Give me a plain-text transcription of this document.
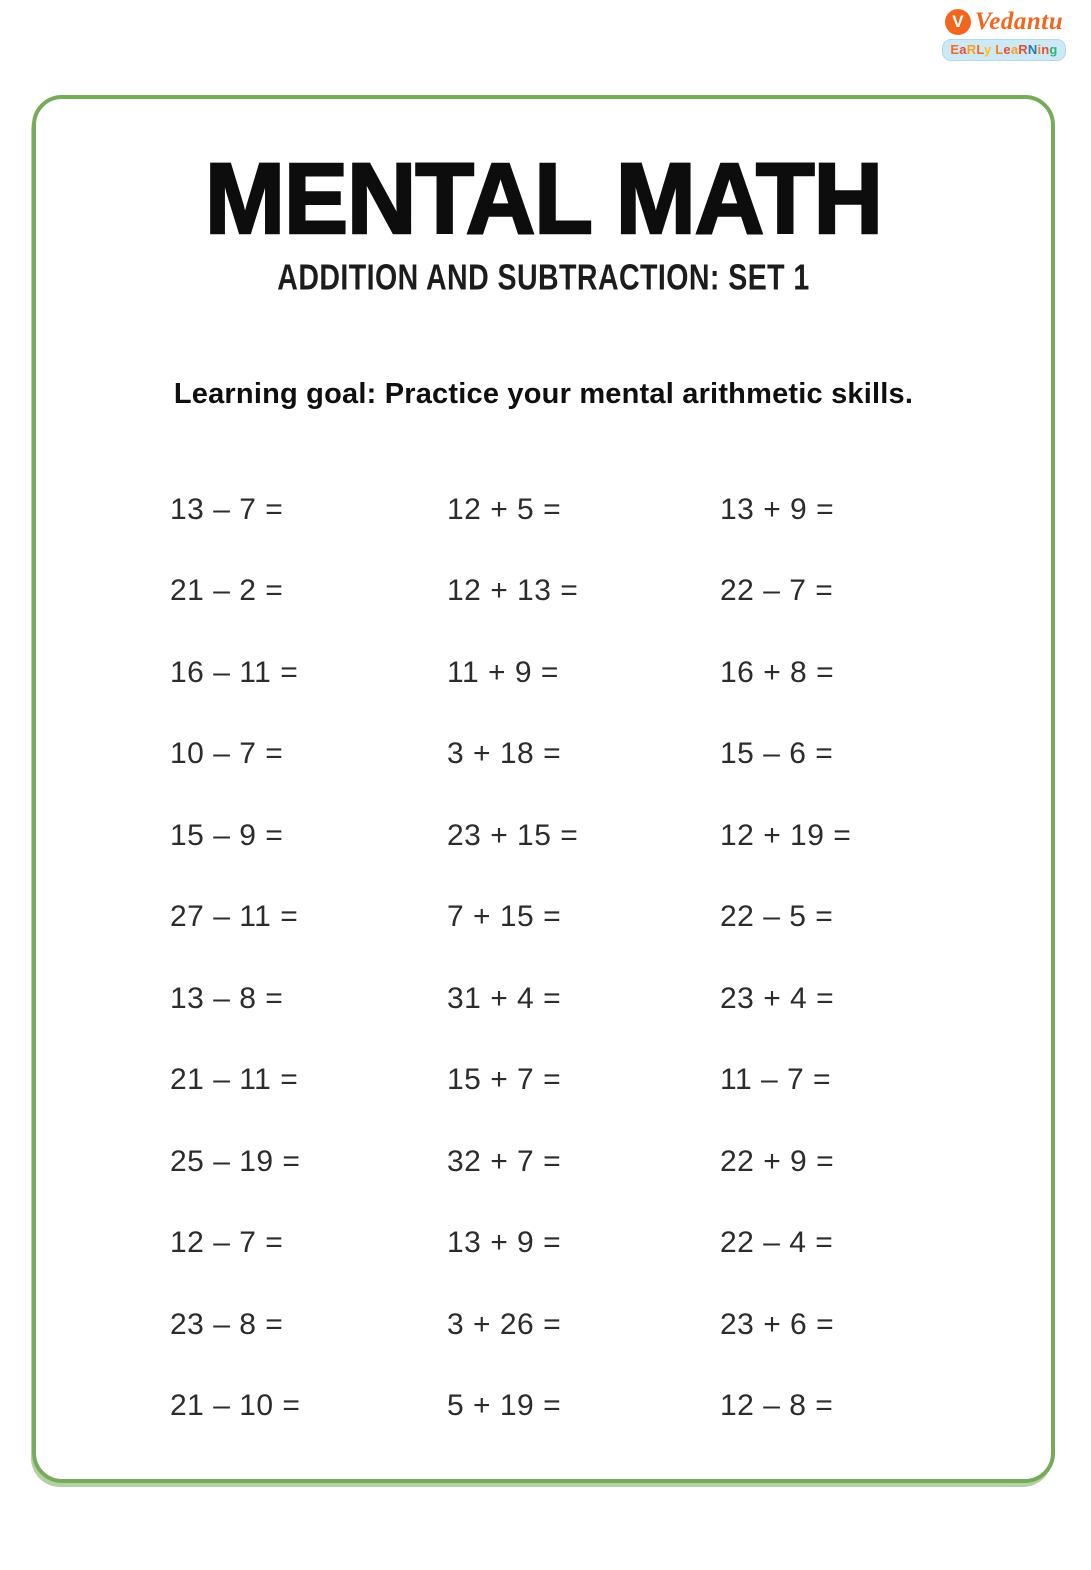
V Vedantu
EaRLy LeaRNing
MENTAL MATH
ADDITION AND SUBTRACTION: SET 1
Learning goal: Practice your mental arithmetic skills.
13 – 7 =	12 + 5 =	13 + 9 =
21 – 2 =	12 + 13 =	22 – 7 =
16 – 11 =	11 + 9 =	16 + 8 =
10 – 7 =	3 + 18 =	15 – 6 =
15 – 9 =	23 + 15 =	12 + 19 =
27 – 11 =	7 + 15 =	22 – 5 =
13 – 8 =	31 + 4 =	23 + 4 =
21 – 11 =	15 + 7 =	11 – 7 =
25 – 19 =	32 + 7 =	22 + 9 =
12 – 7 =	13 + 9 =	22 – 4 =
23 – 8 =	3 + 26 =	23 + 6 =
21 – 10 =	5 + 19 =	12 – 8 =
